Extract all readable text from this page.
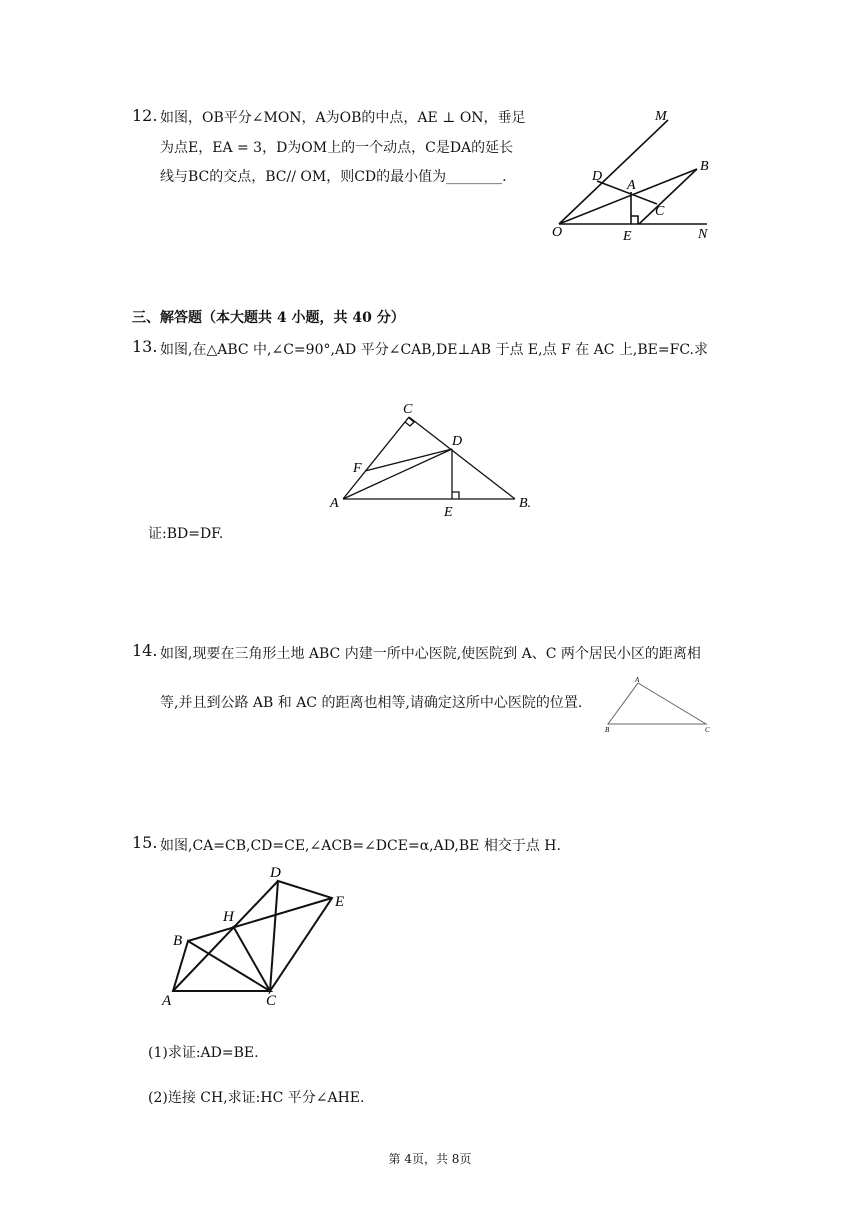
12. 如图，OB平分∠MON，A为OB的中点，AE ⊥ ON，垂足
为点E，EA = 3，D为OM上的一个动点，C是DA的延长
线与BC的交点，BC// OM，则CD的最小值为________.
M
D
A
B
C
O	E	N
三、解答题（本大题共 4 小题，共 40 分）
13. 如图,在△ABC 中,∠C=90°,AD 平分∠CAB,DE⊥AB 于点 E,点 F 在 AC 上,BE=FC.求
C
D
F
A
E
B.
证:BD=DF.
14. 如图,现要在三角形土地 ABC 内建一所中心医院,使医院到 A、C 两个居民小区的距离相
等,并且到公路 AB 和 AC 的距离也相等,请确定这所中心医院的位置.
A
B	C
15. 如图,CA=CB,CD=CE,∠ACB=∠DCE=α,AD,BE 相交于点 H.
D
E
H
B
A	C
(1)求证:AD=BE.
(2)连接 CH,求证:HC 平分∠AHE.
第 4页，共 8页
